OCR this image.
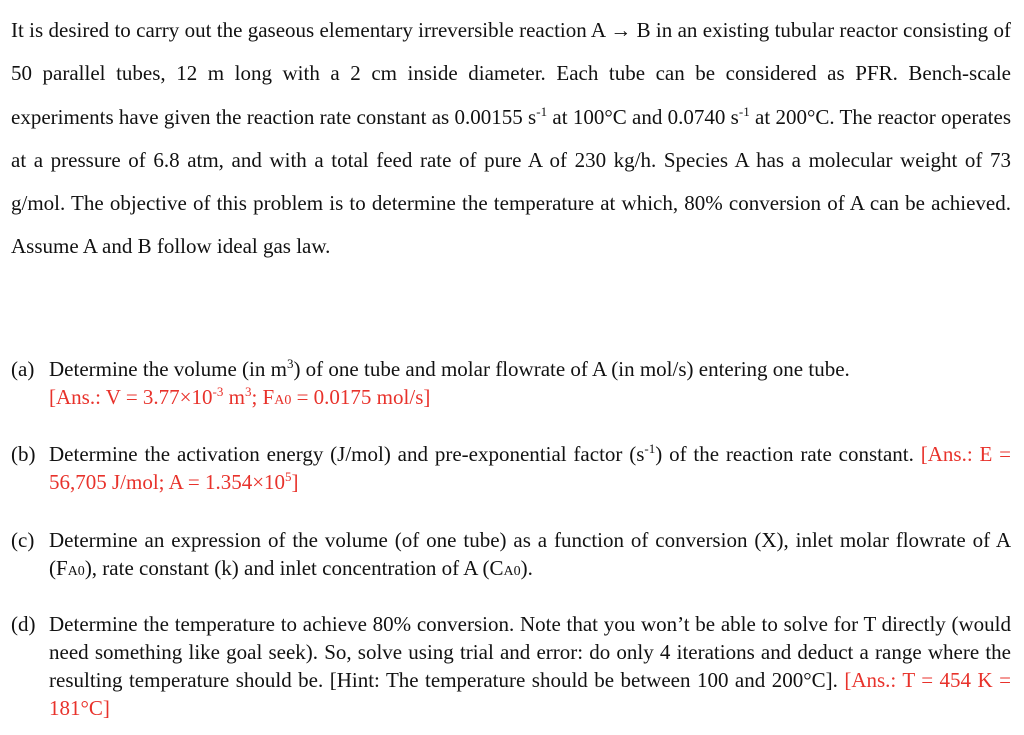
It is desired to carry out the gaseous elementary irreversible reaction A → B in an existing tubular reactor consisting of 50 parallel tubes, 12 m long with a 2 cm inside diameter. Each tube can be considered as PFR. Bench-scale experiments have given the reaction rate constant as 0.00155 $s^{-1}$ at 100°C and 0.0740 $s^{-1}$ at 200°C. The reactor operates at a pressure of 6.8 atm, and with a total feed rate of pure A of 230 kg/h. Species A has a molecular weight of 73 g/mol. The objective of this problem is to determine the temperature at which, 80% conversion of A can be achieved. Assume A and B follow ideal gas law.

(a) Determine the volume (in $m^3$) of one tube and molar flowrate of A (in mol/s) entering one tube.
[Ans.: $V = 3.77\times 10^{-3}$ $m^3$; FA0 = 0.0175 mol/s]
(b) Determine the activation energy (J/mol) and pre-exponential factor $(s^{-1})$ of the reaction rate constant. [Ans.: E = 56,705 J/mol; $A = 1.354\times 10^5$]
(c) Determine an expression of the volume (of one tube) as a function of conversion (X), inlet molar flowrate of A (FA0), rate constant (k) and inlet concentration of A (CA0).
(d) Determine the temperature to achieve 80% conversion. Note that you won’t be able to solve for T directly (would need something like goal seek). So, solve using trial and error: do only 4 iterations and deduct a range where the resulting temperature should be. [Hint: The temperature should be between 100 and 200°C]. [Ans.: T = 454 K = 181°C]
